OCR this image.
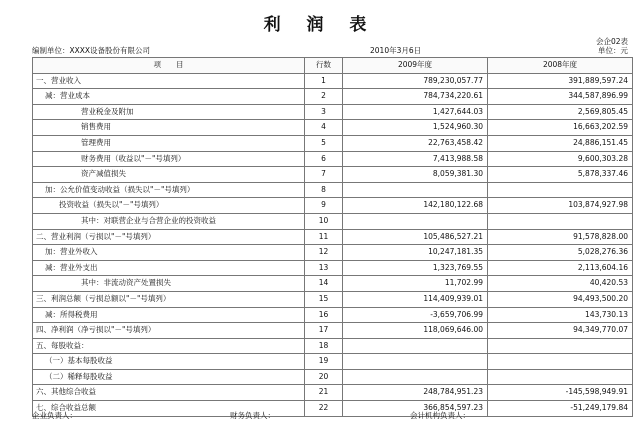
利 润 表
会企02表
编制单位：XXXX设备股份有限公司	2010年3月6日	单位：元
项　　目	行数	2009年度	2008年度
一、营业收入	1	789,230,057.77	391,889,597.24
减：营业成本	2	784,734,220.61	344,587,896.99
营业税金及附加	3	1,427,644.03	2,569,805.45
销售费用	4	1,524,960.30	16,663,202.59
管理费用	5	22,763,458.42	24,886,151.45
财务费用（收益以"－"号填列）	6	7,413,988.58	9,600,303.28
资产减值损失	7	8,059,381.30	5,878,337.46
加：公允价值变动收益（损失以"－"号填列）	8		
投资收益（损失以"－"号填列）	9	142,180,122.68	103,874,927.98
其中：对联营企业与合营企业的投资收益	10		
二、营业利润（亏损以"－"号填列）	11	105,486,527.21	91,578,828.00
加：营业外收入	12	10,247,181.35	5,028,276.36
减：营业外支出	13	1,323,769.55	2,113,604.16
其中：非流动资产处置损失	14	11,702.99	40,420.53
三、利润总额（亏损总额以"－"号填列）	15	114,409,939.01	94,493,500.20
减：所得税费用	16	-3,659,706.99	143,730.13
四、净利润（净亏损以"－"号填列）	17	118,069,646.00	94,349,770.07
五、每股收益：	18		
（一）基本每股收益	19		
（二）稀释每股收益	20		
六、其他综合收益	21	248,784,951.23	-145,598,949.91
七、综合收益总额	22	366,854,597.23	-51,249,179.84
企业负责人：	财务负责人：	会计机构负责人：
